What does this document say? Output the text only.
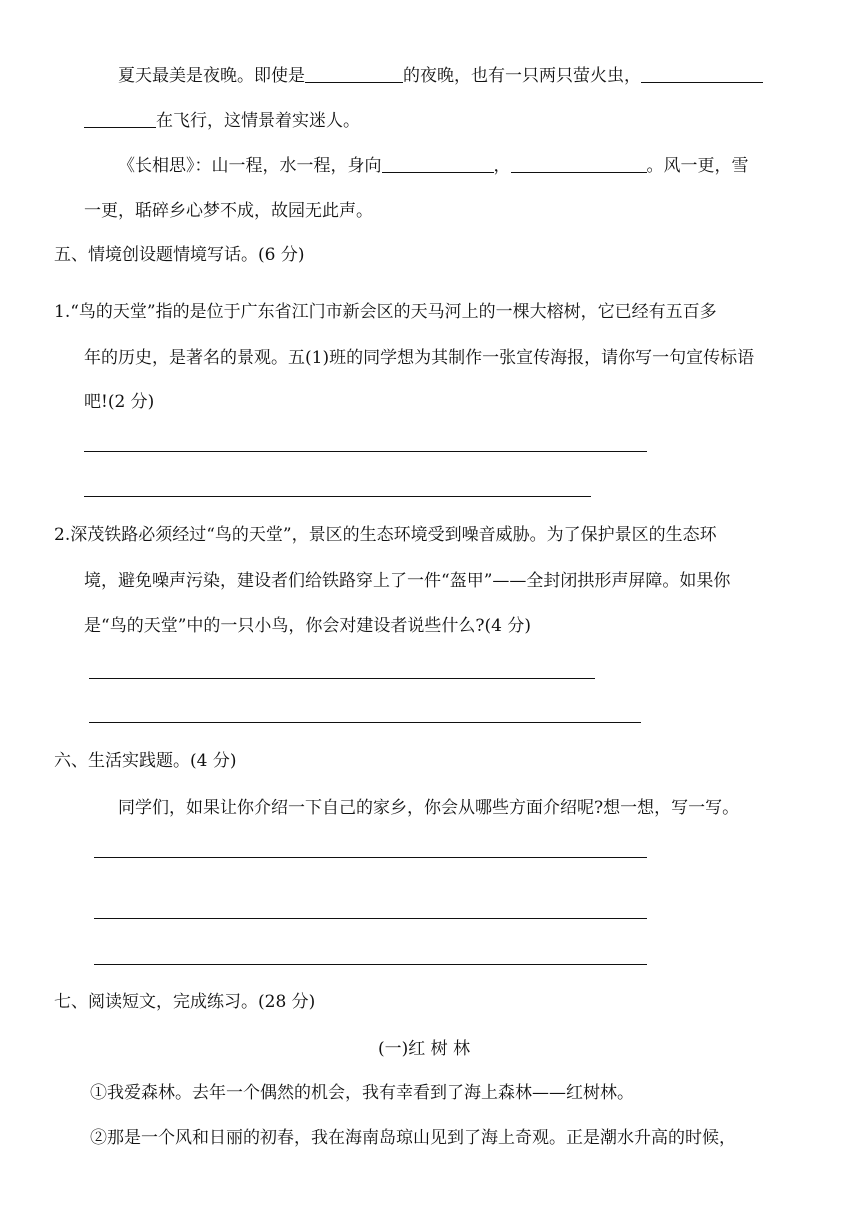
夏天最美是夜晚。即使是	的夜晚，也有一只两只萤火虫，
在飞行，这情景着实迷人。
《长相思》：山一程，水一程，身向	，	。风一更，雪
一更，聒碎乡心梦不成，故园无此声。
五、情境创设题情境写话。(6 分)
1.“鸟的天堂”指的是位于广东省江门市新会区的天马河上的一棵大榕树，它已经有五百多
年的历史，是著名的景观。五(1)班的同学想为其制作一张宣传海报，请你写一句宣传标语
吧!(2 分)
2.深茂铁路必须经过“鸟的天堂”，景区的生态环境受到噪音威胁。为了保护景区的生态环
境，避免噪声污染，建设者们给铁路穿上了一件“盔甲”——全封闭拱形声屏障。如果你
是“鸟的天堂”中的一只小鸟，你会对建设者说些什么?(4 分)
六、生活实践题。(4 分)
同学们，如果让你介绍一下自己的家乡，你会从哪些方面介绍呢?想一想，写一写。
七、阅读短文，完成练习。(28 分)
(一)红 树 林
①我爱森林。去年一个偶然的机会，我有幸看到了海上森林——红树林。
②那是一个风和日丽的初春，我在海南岛琼山见到了海上奇观。正是潮水升高的时候，
